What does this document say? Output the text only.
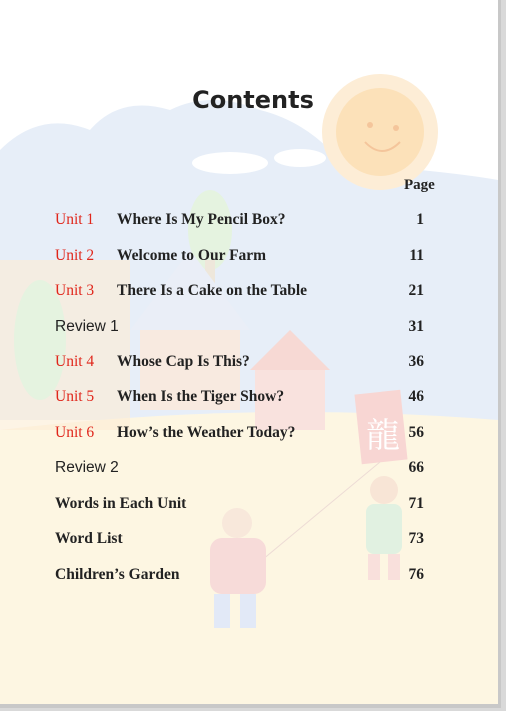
龍
Contents
Page
Unit 1 Where Is My Pencil Box?	1
Unit 2 Welcome to Our Farm	11
Unit 3 There Is a Cake on the Table	21
Review 1	31
Unit 4 Whose Cap Is This?	36
Unit 5 When Is the Tiger Show?	46
Unit 6 How’s the Weather Today?	56
Review 2	66
Words in Each Unit	71
Word List	73
Children’s Garden	76
